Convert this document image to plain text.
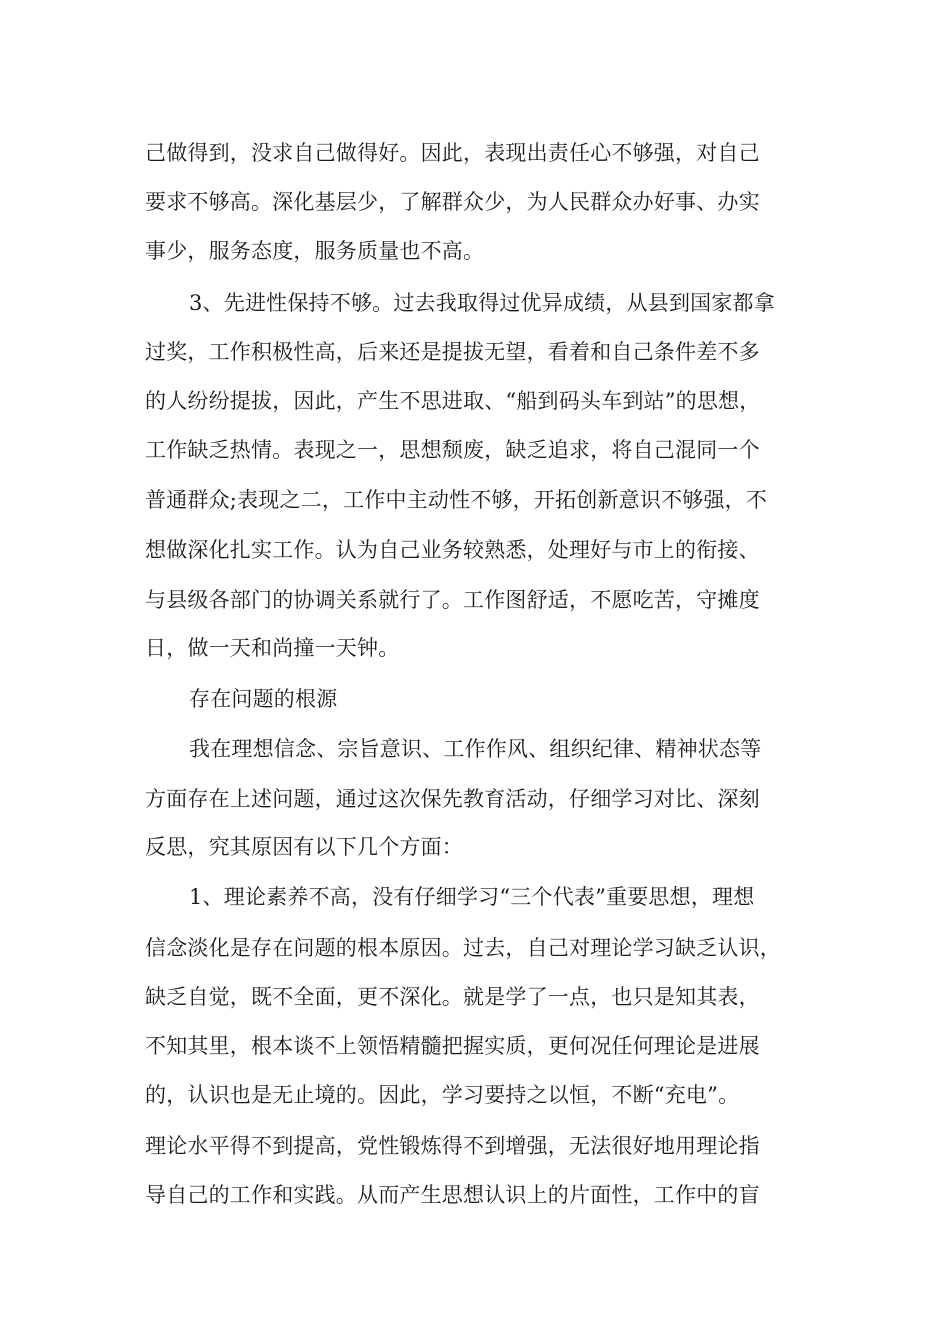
己做得到，没求自己做得好。因此，表现出责任心不够强，对自己
要求不够高。深化基层少，了解群众少，为人民群众办好事、办实
事少，服务态度，服务质量也不高。
3、先进性保持不够。过去我取得过优异成绩，从县到国家都拿
过奖，工作积极性高，后来还是提拔无望，看着和自己条件差不多
的人纷纷提拔，因此，产生不思进取、“船到码头车到站”的思想，
工作缺乏热情。表现之一，思想颓废，缺乏追求，将自己混同一个
普通群众;表现之二，工作中主动性不够，开拓创新意识不够强，不
想做深化扎实工作。认为自己业务较熟悉，处理好与市上的衔接、
与县级各部门的协调关系就行了。工作图舒适，不愿吃苦，守摊度
日，做一天和尚撞一天钟。
存在问题的根源
我在理想信念、宗旨意识、工作作风、组织纪律、精神状态等
方面存在上述问题，通过这次保先教育活动，仔细学习对比、深刻
反思，究其原因有以下几个方面：
1、理论素养不高，没有仔细学习“三个代表”重要思想，理想
信念淡化是存在问题的根本原因。过去，自己对理论学习缺乏认识，
缺乏自觉，既不全面，更不深化。就是学了一点，也只是知其表，
不知其里，根本谈不上领悟精髓把握实质，更何况任何理论是进展
的，认识也是无止境的。因此，学习要持之以恒，不断“充电”。
理论水平得不到提高，党性锻炼得不到增强，无法很好地用理论指
导自己的工作和实践。从而产生思想认识上的片面性，工作中的盲
